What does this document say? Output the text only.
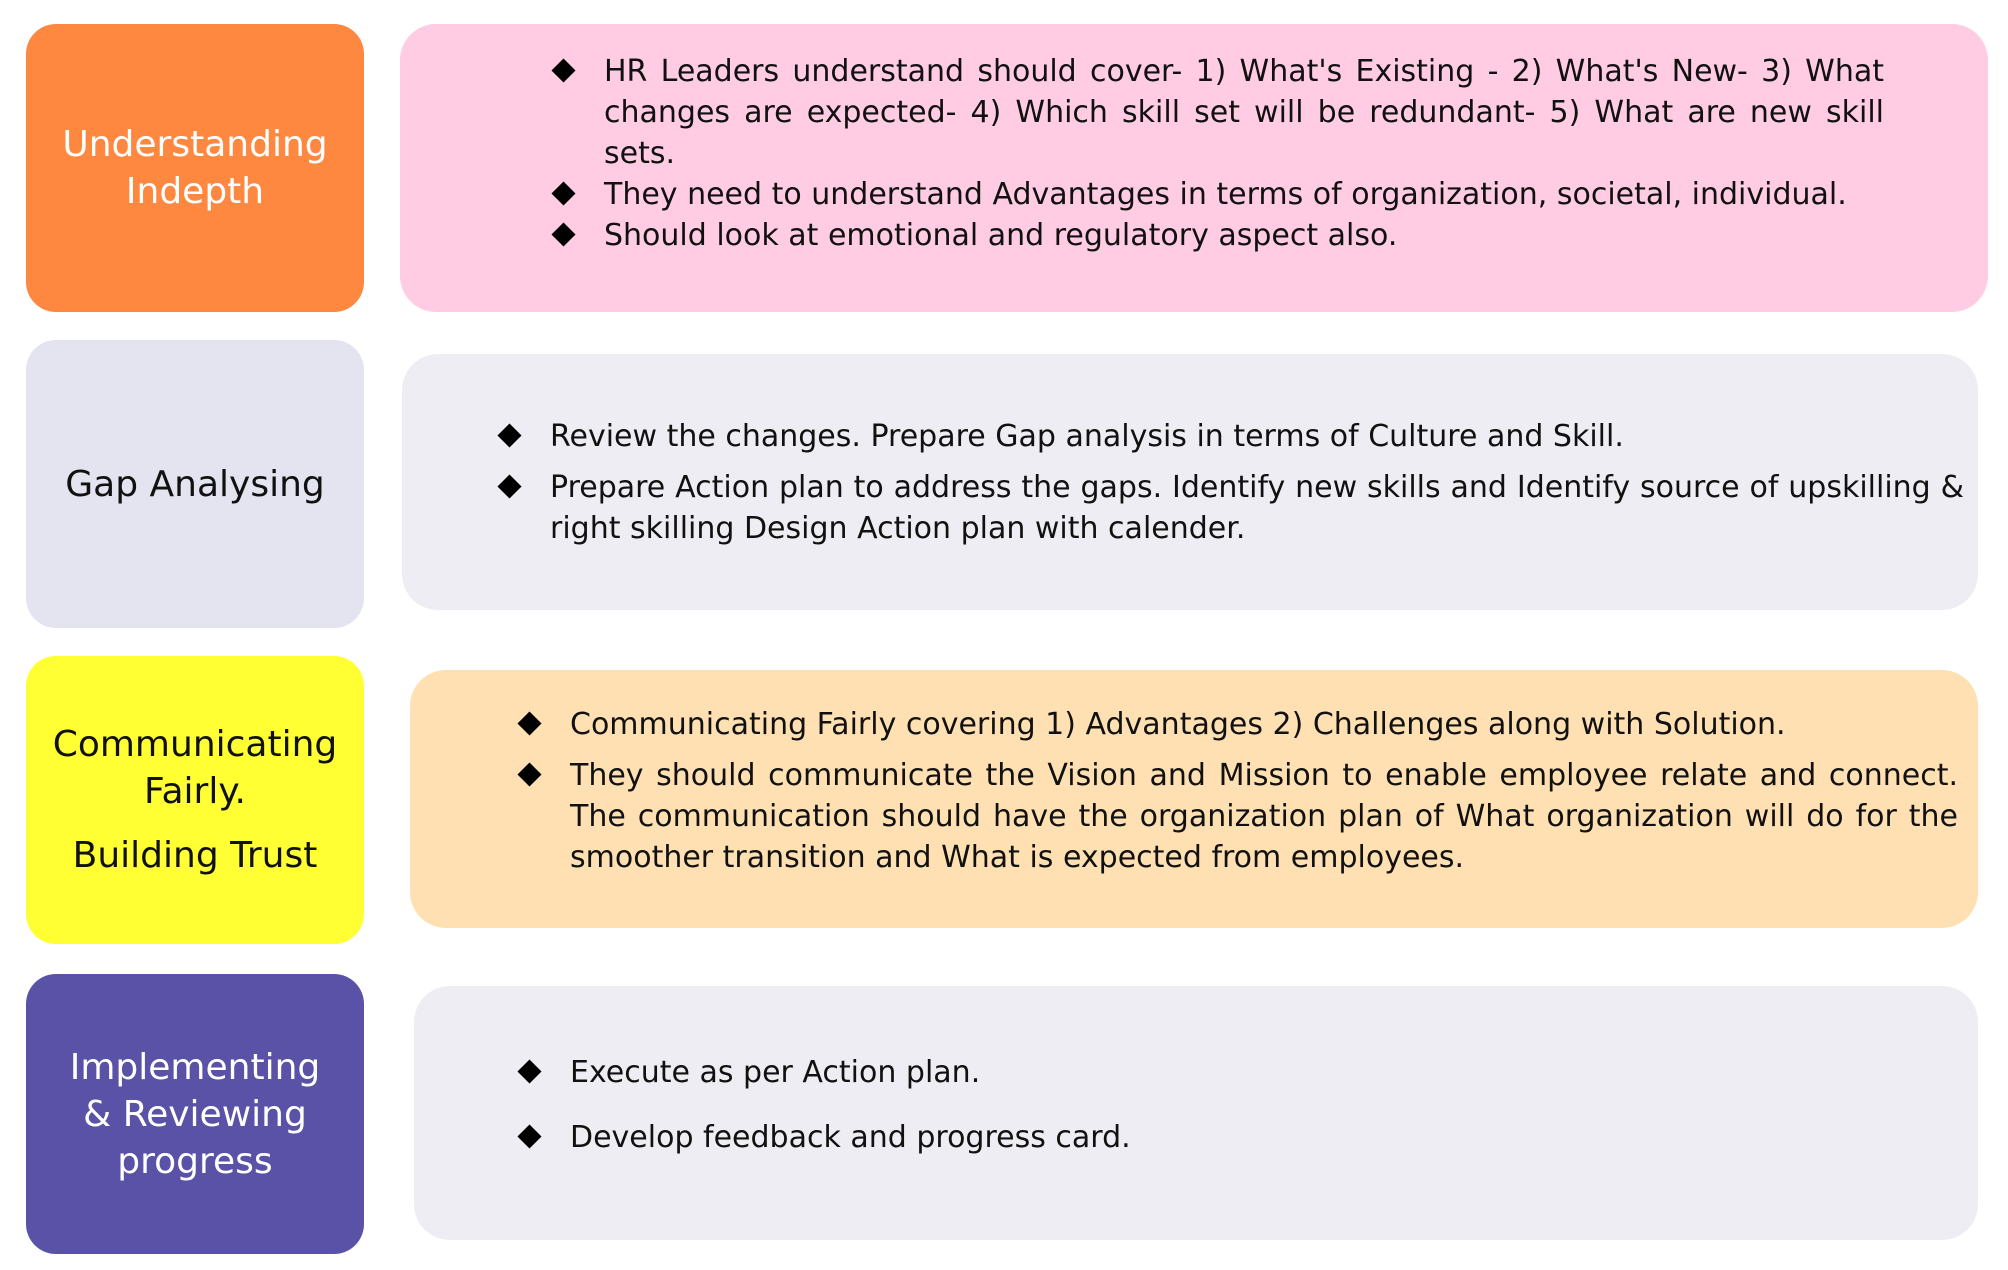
Understanding
Indepth
HR Leaders understand should cover- 1) What's Existing - 2) What's New- 3) What changes are expected- 4) Which skill set will be redundant- 5) What are new skill sets.
They need to understand Advantages in terms of organization, societal, individual.
Should look at emotional and regulatory aspect also.
Gap Analysing
Review the changes. Prepare Gap analysis in terms of Culture and Skill.
Prepare Action plan to address the gaps. Identify new skills and Identify source of upskilling & right skilling Design Action plan with calender.
Communicating
Fairly.
Building Trust
Communicating Fairly covering 1) Advantages 2) Challenges along with Solution.
They should communicate the Vision and Mission to enable employee relate and connect. The communication should have the organization plan of What organization will do for the smoother transition and What is expected from employees.
Implementing
& Reviewing
progress
Execute as per Action plan.
Develop feedback and progress card.
